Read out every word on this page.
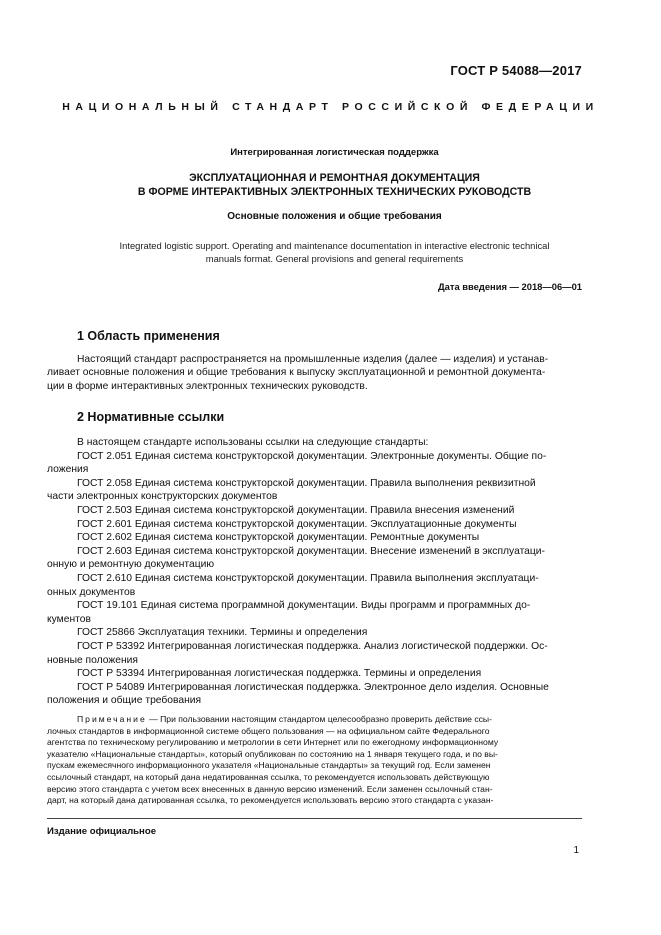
ГОСТ Р 54088—2017
НАЦИОНАЛЬНЫЙ СТАНДАРТ РОССИЙСКОЙ ФЕДЕРАЦИИ
Интегрированная логистическая поддержка
ЭКСПЛУАТАЦИОННАЯ И РЕМОНТНАЯ ДОКУМЕНТАЦИЯ
В ФОРМЕ ИНТЕРАКТИВНЫХ ЭЛЕКТРОННЫХ ТЕХНИЧЕСКИХ РУКОВОДСТВ
Основные положения и общие требования
Integrated logistic support. Operating and maintenance documentation in interactive electronic technical
manuals format. General provisions and general requirements
Дата введения — 2018—06—01
1 Область применения
Настоящий стандарт распространяется на промышленные изделия (далее — изделия) и устанав-
ливает основные положения и общие требования к выпуску эксплуатационной и ремонтной документа-
ции в форме интерактивных электронных технических руководств.
2 Нормативные ссылки
В настоящем стандарте использованы ссылки на следующие стандарты:
ГОСТ 2.051 Единая система конструкторской документации. Электронные документы. Общие по-
ложения
ГОСТ 2.058 Единая система конструкторской документации. Правила выполнения реквизитной
части электронных конструкторских документов
ГОСТ 2.503 Единая система конструкторской документации. Правила внесения изменений
ГОСТ 2.601 Единая система конструкторской документации. Эксплуатационные документы
ГОСТ 2.602 Единая система конструкторской документации. Ремонтные документы
ГОСТ 2.603 Единая система конструкторской документации. Внесение изменений в эксплуатаци-
онную и ремонтную документацию
ГОСТ 2.610 Единая система конструкторской документации. Правила выполнения эксплуатаци-
онных документов
ГОСТ 19.101 Единая система программной документации. Виды программ и программных до-
кументов
ГОСТ 25866 Эксплуатация техники. Термины и определения
ГОСТ Р 53392 Интегрированная логистическая поддержка. Анализ логистической поддержки. Ос-
новные положения
ГОСТ Р 53394 Интегрированная логистическая поддержка. Термины и определения
ГОСТ Р 54089 Интегрированная логистическая поддержка. Электронное дело изделия. Основные
положения и общие требования
Примечание — При пользовании настоящим стандартом целесообразно проверить действие ссы-
лочных стандартов в информационной системе общего пользования — на официальном сайте Федерального
агентства по техническому регулированию и метрологии в сети Интернет или по ежегодному информационному
указателю «Национальные стандарты», который опубликован по состоянию на 1 января текущего года, и по вы-
пускам ежемесячного информационного указателя «Национальные стандарты» за текущий год. Если заменен
ссылочный стандарт, на который дана недатированная ссылка, то рекомендуется использовать действующую
версию этого стандарта с учетом всех внесенных в данную версию изменений. Если заменен ссылочный стан-
дарт, на который дана датированная ссылка, то рекомендуется использовать версию этого стандарта с указан-
Издание официальное
1
